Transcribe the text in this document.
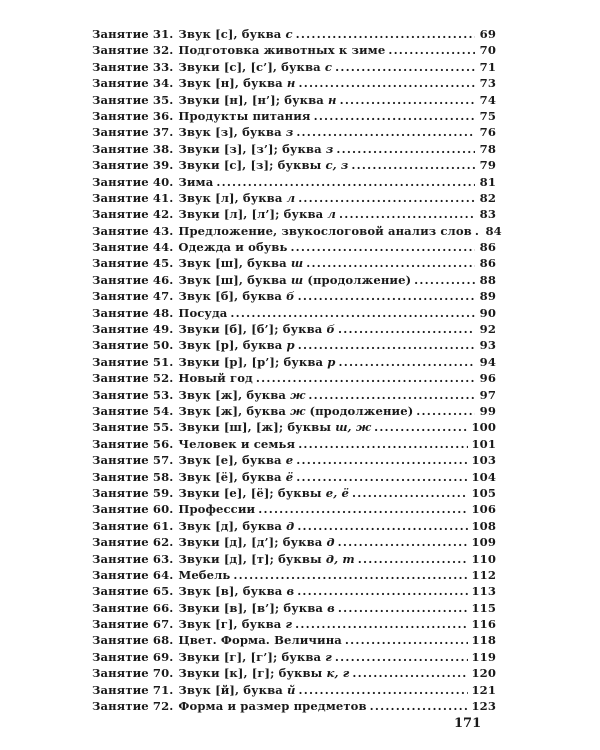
Занятие 31. Звук [с], буква с .....	69
Занятие 32. Подготовка животных к зиме .....	70
Занятие 33. Звуки [с], [с’], буква с .....	71
Занятие 34. Звук [н], буква н .....	73
Занятие 35. Звуки [н], [н’]; буква н .....	74
Занятие 36. Продукты питания .....	75
Занятие 37. Звук [з], буква з .....	76
Занятие 38. Звуки [з], [з’]; буква з .....	78
Занятие 39. Звуки [с], [з]; буквы с, з .....	79
Занятие 40. Зима .....	81
Занятие 41. Звук [л], буква л .....	82
Занятие 42. Звуки [л], [л’]; буква л .....	83
Занятие 43. Предложение, звукослоговой анализ слов ..... 84
Занятие 44. Одежда и обувь .....	86
Занятие 45. Звук [ш], буква ш .....	86
Занятие 46. Звук [ш], буква ш (продолжение) .....	88
Занятие 47. Звук [б], буква б .....	89
Занятие 48. Посуда .....	90
Занятие 49. Звуки [б], [б’]; буква б .....	92
Занятие 50. Звук [р], буква р .....	93
Занятие 51. Звуки [р], [р’]; буква р .....	94
Занятие 52. Новый год .....	96
Занятие 53. Звук [ж], буква ж .....	97
Занятие 54. Звук [ж], буква ж (продолжение) .....	99
Занятие 55. Звуки [ш], [ж]; буквы ш, ж .....	100
Занятие 56. Человек и семья .....	101
Занятие 57. Звук [е], буква е .....	103
Занятие 58. Звук [ё], буква ё .....	104
Занятие 59. Звуки [е], [ё]; буквы е, ё .....	105
Занятие 60. Профессии .....	106
Занятие 61. Звук [д], буква д .....	108
Занятие 62. Звуки [д], [д’]; буква д .....	109
Занятие 63. Звуки [д], [т]; буквы д, т .....	110
Занятие 64. Мебель .....	112
Занятие 65. Звук [в], буква в .....	113
Занятие 66. Звуки [в], [в’]; буква в .....	115
Занятие 67. Звук [г], буква г .....	116
Занятие 68. Цвет. Форма. Величина .....	118
Занятие 69. Звуки [г], [г’]; буква г .....	119
Занятие 70. Звуки [к], [г]; буквы к, г .....	120
Занятие 71. Звук [й], буква й .....	121
Занятие 72. Форма и размер предметов .....	123
171
